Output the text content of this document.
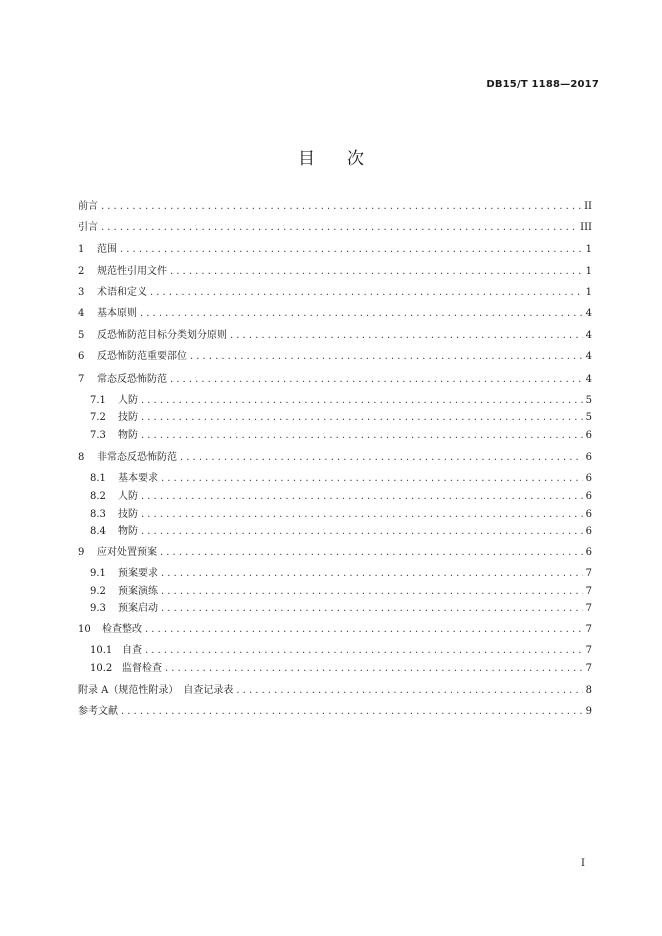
DB15/T 1188—2017
目次
前言 .....	II
引言 .....	III
1	范围 .....	1
2	规范性引用文件 .....	1
3	术语和定义 .....	1
4	基本原则 .....	4
5	反恐怖防范目标分类划分原则 .....	4
6	反恐怖防范重要部位 .....	4
7	常态反恐怖防范 .....	4
7.1	人防 .....	5
7.2	技防 .....	5
7.3	物防 .....	6
8	非常态反恐怖防范 .....	6
8.1	基本要求 .....	6
8.2	人防 .....	6
8.3	技防 .....	6
8.4	物防 .....	6
9	应对处置预案 .....	6
9.1	预案要求 .....	7
9.2	预案演练 .....	7
9.3	预案启动 .....	7
10	检查整改 .....	7
10.1 自查 .....	7
10.2 监督检查 .....	7
附录 A（规范性附录）　自查记录表 .....	8
参考文献 .....	9
I
